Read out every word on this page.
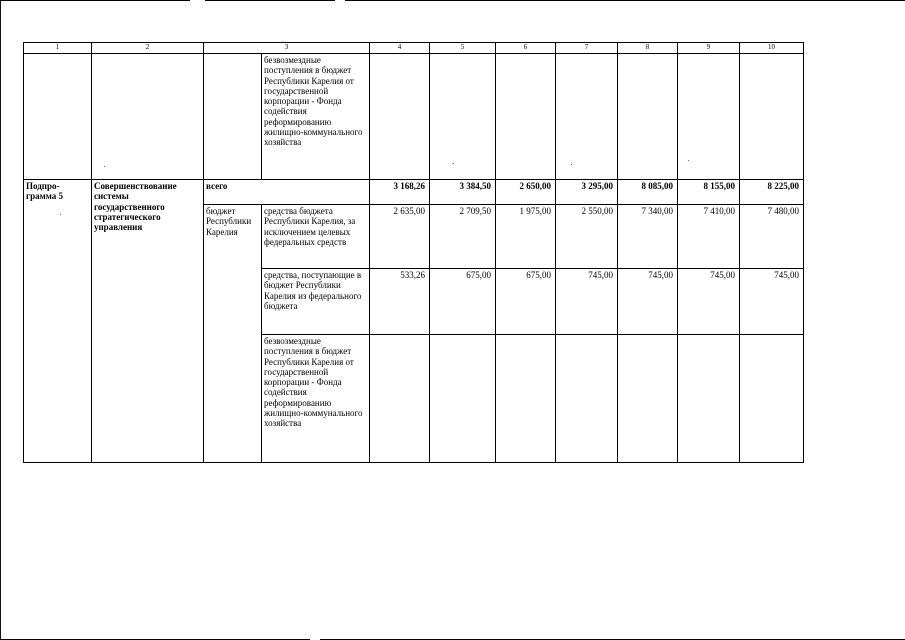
1	2	3		4	5	6	7	8	9	10
			безвозмездные поступления в бюджет Республики Карелия от государственной корпорации - Фонда содействия реформированию жилищно-коммунального хозяйства							
Подпро-грамма 5	Совершенствование системы государственного стратегического управления	всего		3 168,26	3 384,50	2 650,00	3 295,00	8 085,00	8 155,00	8 225,00
		бюджет Республики Карелия	средства бюджета Республики Карелия, за исключением целевых федеральных средств	2 635,00	2 709,50	1 975,00	2 550,00	7 340,00	7 410,00	7 480,00
			средства, поступающие в бюджет Республики Карелия из федерального бюджета	533,26	675,00	675,00	745,00	745,00	745,00	745,00
			безвозмездные поступления в бюджет Республики Карелия от государственной корпорации - Фонда содействия реформированию жилищно-коммунального хозяйства							
